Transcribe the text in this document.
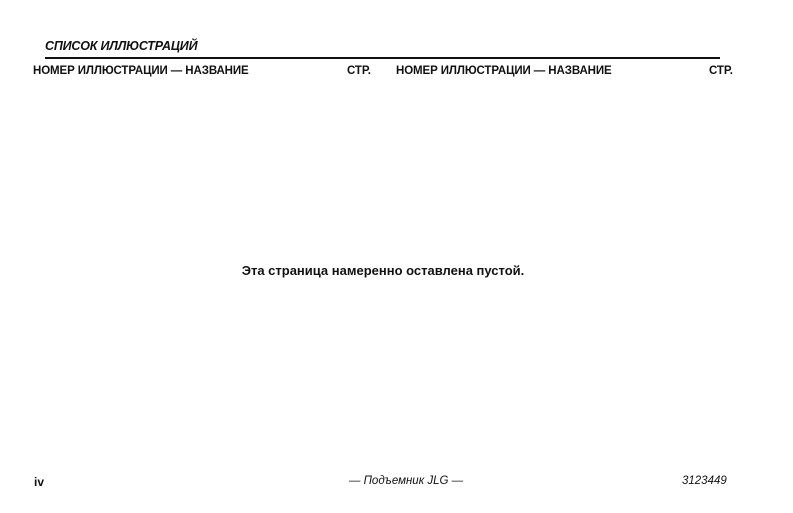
СПИСОК ИЛЛЮСТРАЦИЙ
НОМЕР ИЛЛЮСТРАЦИИ — НАЗВАНИЕ	СТР. НОМЕР ИЛЛЮСТРАЦИИ — НАЗВАНИЕ	СТР.
Эта страница намеренно оставлена пустой.
iv	— Подъемник JLG —	3123449
